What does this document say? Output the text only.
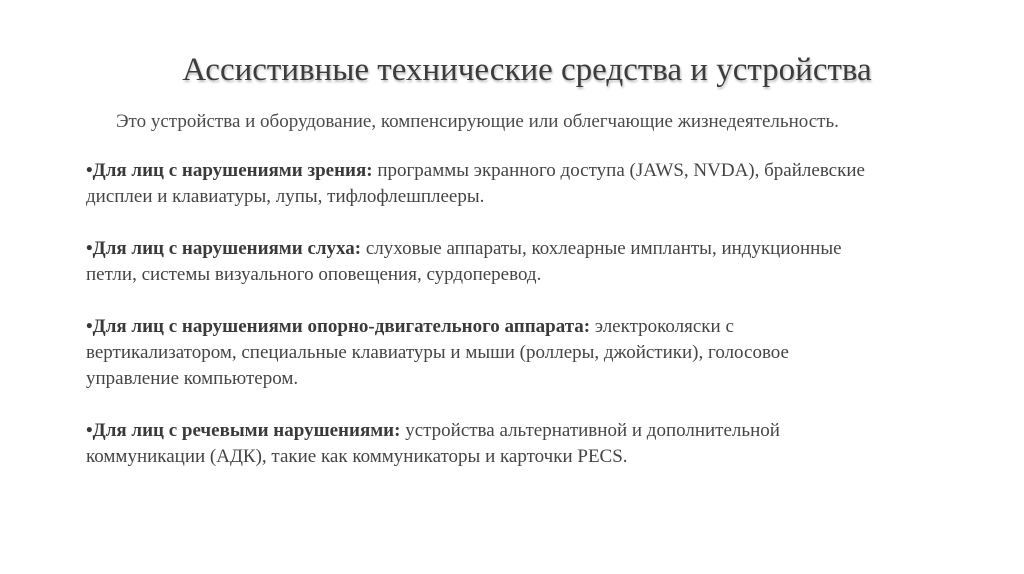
Ассистивные технические средства и устройства
Это устройства и оборудование, компенсирующие или облегчающие жизнедеятельность.
•Для лиц с нарушениями зрения: программы экранного доступа (JAWS, NVDA), брайлевские дисплеи и клавиатуры, лупы, тифлофлешплееры.
•Для лиц с нарушениями слуха: слуховые аппараты, кохлеарные импланты, индукционные петли, системы визуального оповещения, сурдоперевод.
•Для лиц с нарушениями опорно-двигательного аппарата: электроколяски с вертикализатором, специальные клавиатуры и мыши (роллеры, джойстики), голосовое управление компьютером.
•Для лиц с речевыми нарушениями: устройства альтернативной и дополнительной коммуникации (АДК), такие как коммуникаторы и карточки PECS.
